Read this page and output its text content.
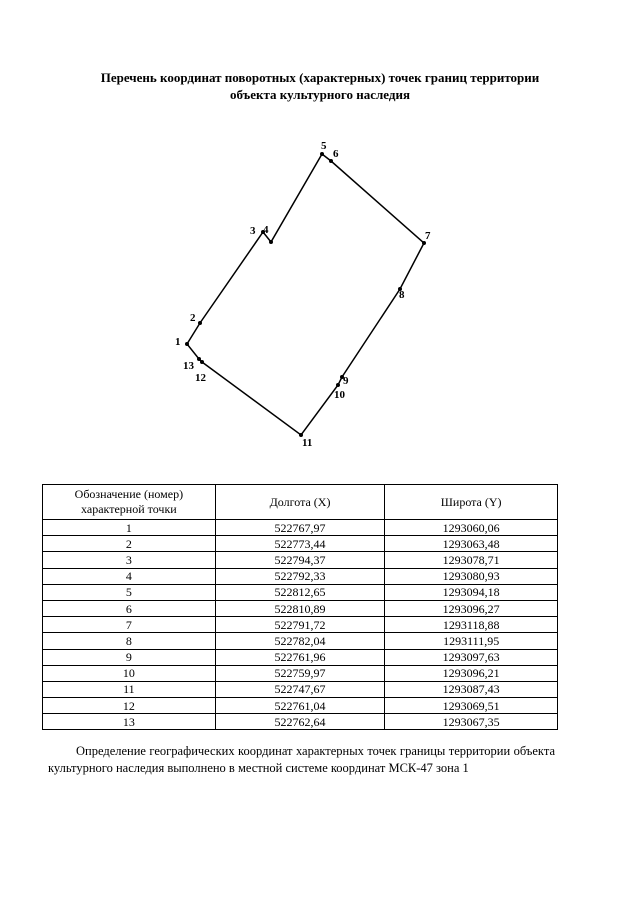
Перечень координат поворотных (характерных) точек границ территории
объекта культурного наследия
1
2
3 4
5
6
7
8
9
10
11
12
13
Обозначение (номер) характерной точки	Долгота (X)	Широта (Y)
1	522767,97	1293060,06
2	522773,44	1293063,48
3	522794,37	1293078,71
4	522792,33	1293080,93
5	522812,65	1293094,18
6	522810,89	1293096,27
7	522791,72	1293118,88
8	522782,04	1293111,95
9	522761,96	1293097,63
10	522759,97	1293096,21
11	522747,67	1293087,43
12	522761,04	1293069,51
13	522762,64	1293067,35

Определение географических координат характерных точек границы территории объекта культурного наследия выполнено в местной системе координат МСК-47 зона 1
